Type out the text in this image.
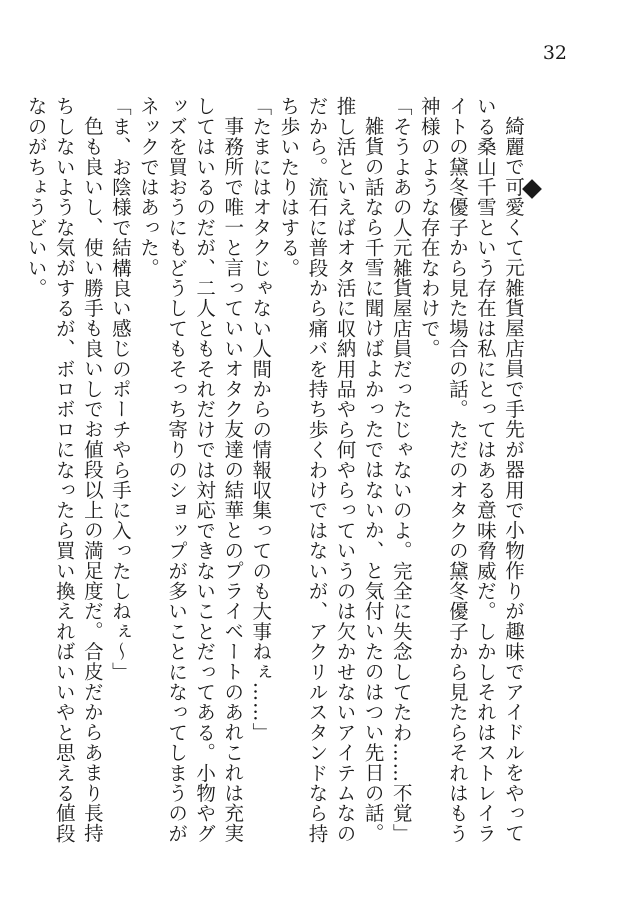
32

綺麗で可愛くて元雑貨屋店員で手先が器用で小物作りが趣味でアイドルをやっている桑山千雪という存在は私にとってはある意味脅威だ。しかしそれはストレイライトの黛冬優子から見た場合の話。ただのオタクの黛冬優子から見たらそれはもう神様のような存在なわけで。

「そうよあの人元雑貨屋店員だったじゃないのよ。完全に失念してたわ……不覚」

雑貨の話なら千雪に聞けばよかったではないか、と気付いたのはつい先日の話。推し活といえばオタ活に収納用品やら何やらっていうのは欠かせないアイテムなのだから。流石に普段から痛バを持ち歩くわけではないが、アクリルスタンドなら持ち歩いたりはする。

「たまにはオタクじゃない人間からの情報収集ってのも大事ねぇ……」

事務所で唯一と言っていいオタク友達の結華とのプライベートのあれこれは充実してはいるのだが、二人ともそれだけでは対応できないことだってある。小物やグッズを買おうにもどうしてもそっち寄りのショップが多いことになってしまうのがネックではあった。

「ま、お陰様で結構良い感じのポーチやら手に入ったしねぇ〜」

色も良いし、使い勝手も良いしでお値段以上の満足度だ。合皮だからあまり長持ちしないような気がするが、ボロボロになったら買い換えればいいやと思える値段なのがちょうどいい。
